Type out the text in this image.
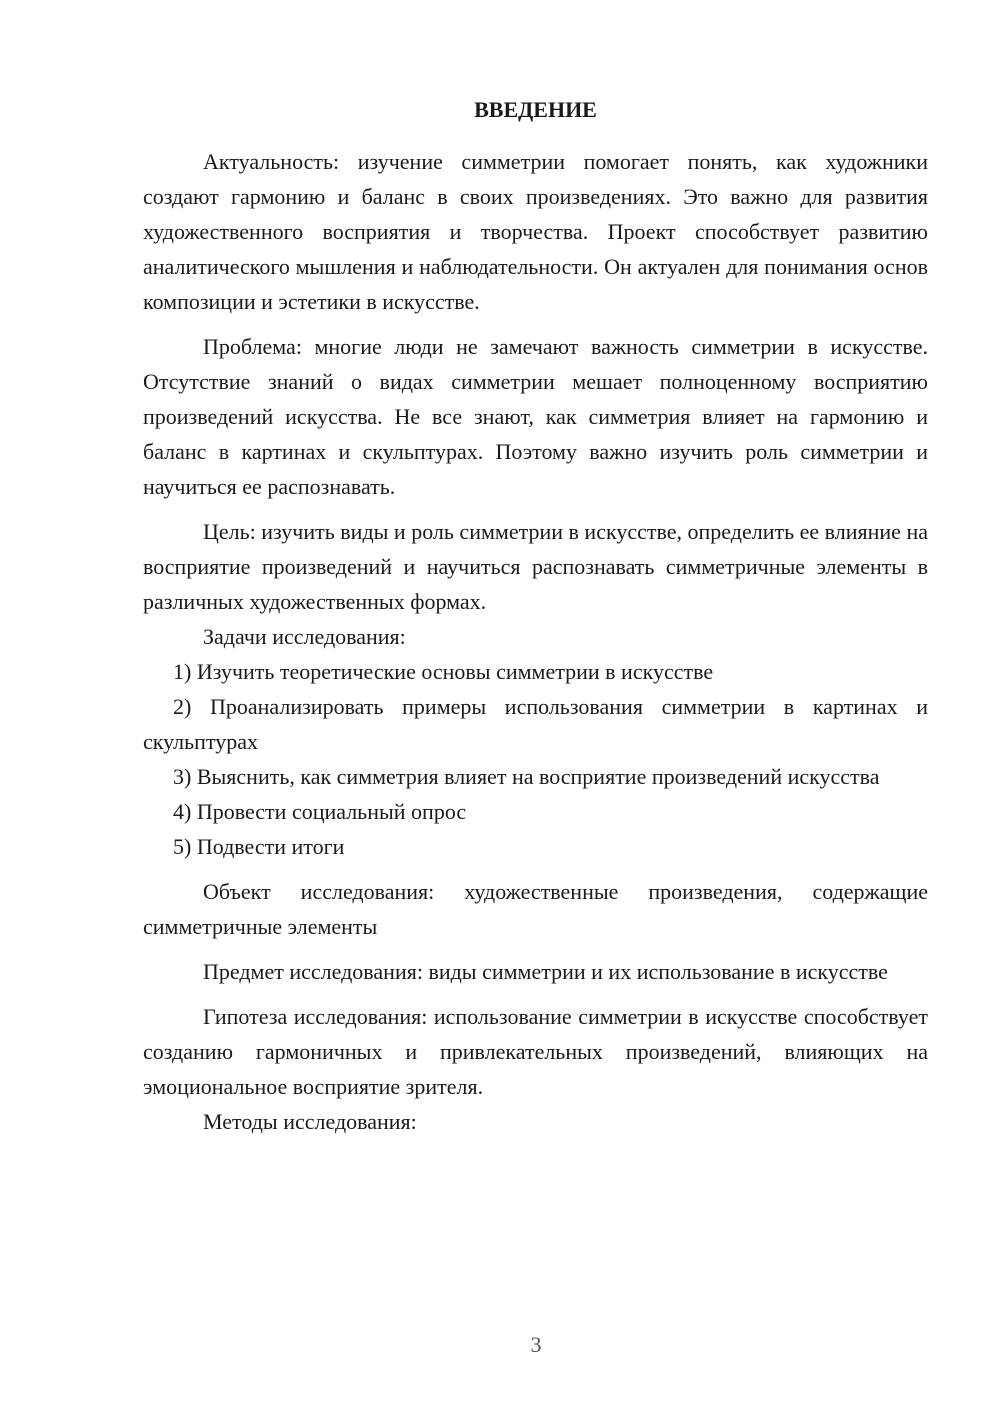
ВВЕДЕНИЕ

Актуальность: изучение симметрии помогает понять, как художники создают гармонию и баланс в своих произведениях. Это важно для развития художественного восприятия и творчества. Проект способствует развитию аналитического мышления и наблюдательности. Он актуален для понимания основ композиции и эстетики в искусстве.

Проблема: многие люди не замечают важность симметрии в искусстве. Отсутствие знаний о видах симметрии мешает полноценному восприятию произведений искусства. Не все знают, как симметрия влияет на гармонию и баланс в картинах и скульптурах. Поэтому важно изучить роль симметрии и научиться ее распознавать.

Цель: изучить виды и роль симметрии в искусстве, определить ее влияние на восприятие произведений и научиться распознавать симметричные элементы в различных художественных формах.

Задачи исследования:

1) Изучить теоретические основы симметрии в искусстве

2) Проанализировать примеры использования симметрии в картинах и скульптурах

3) Выяснить, как симметрия влияет на восприятие произведений искусства

4) Провести социальный опрос

5) Подвести итоги

Объект исследования: художественные произведения, содержащие симметричные элементы

Предмет исследования: виды симметрии и их использование в искусстве

Гипотеза исследования: использование симметрии в искусстве способствует созданию гармоничных и привлекательных произведений, влияющих на эмоциональное восприятие зрителя.

Методы исследования:

3
